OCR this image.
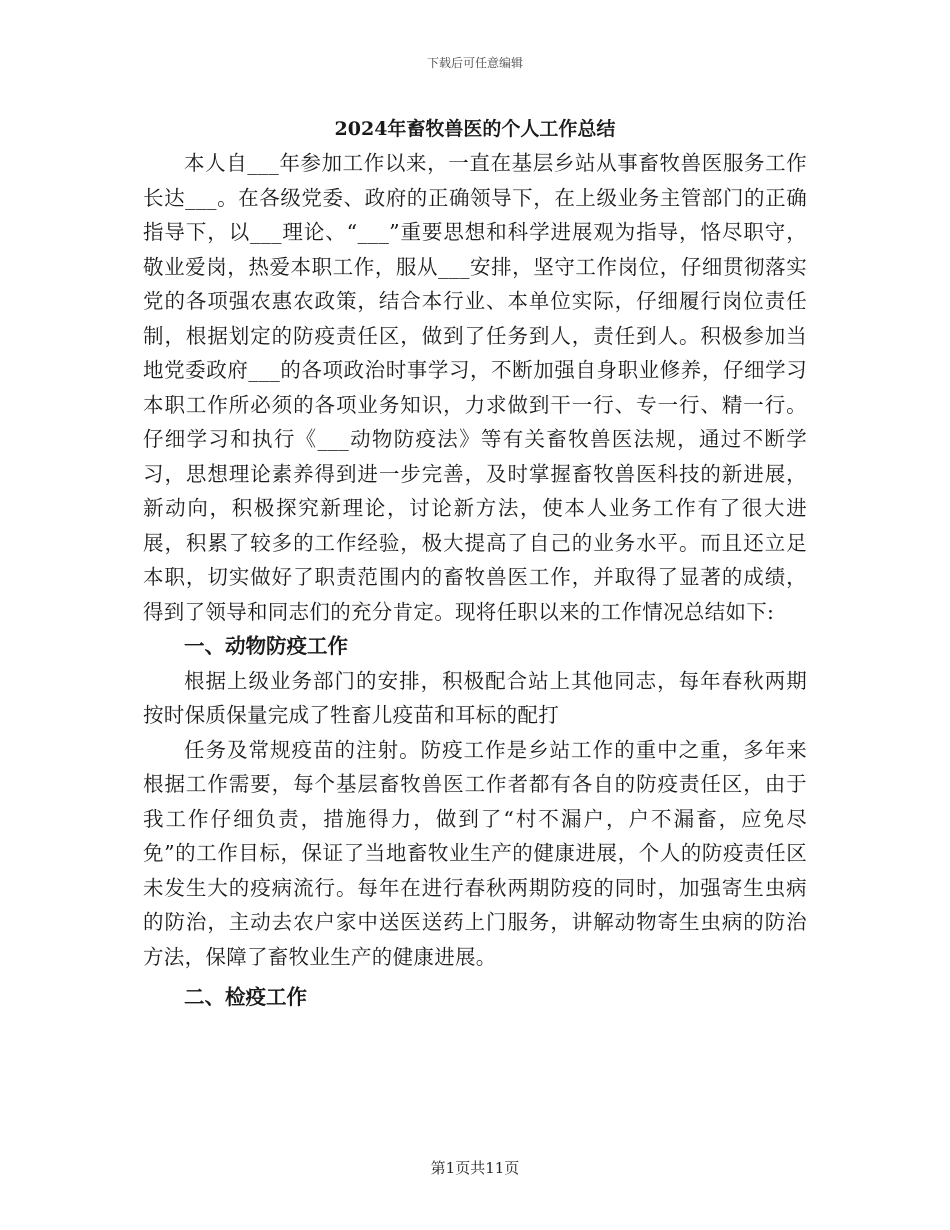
下载后可任意编辑
2024年畜牧兽医的个人工作总结

本人自___年参加工作以来，一直在基层乡站从事畜牧兽医服务工作长达___。在各级党委、政府的正确领导下，在上级业务主管部门的正确指导下，以___理论、“___”重要思想和科学进展观为指导，恪尽职守，敬业爱岗，热爱本职工作，服从___安排，坚守工作岗位，仔细贯彻落实党的各项强农惠农政策，结合本行业、本单位实际，仔细履行岗位责任制，根据划定的防疫责任区，做到了任务到人，责任到人。积极参加当地党委政府___的各项政治时事学习，不断加强自身职业修养，仔细学习本职工作所必须的各项业务知识，力求做到干一行、专一行、精一行。仔细学习和执行《___动物防疫法》等有关畜牧兽医法规，通过不断学习，思想理论素养得到进一步完善，及时掌握畜牧兽医科技的新进展，新动向，积极探究新理论，讨论新方法，使本人业务工作有了很大进展，积累了较多的工作经验，极大提高了自己的业务水平。而且还立足本职，切实做好了职责范围内的畜牧兽医工作，并取得了显著的成绩，得到了领导和同志们的充分肯定。现将任职以来的工作情况总结如下:

一、动物防疫工作

根据上级业务部门的安排，积极配合站上其他同志，每年春秋两期按时保质保量完成了牲畜儿疫苗和耳标的配打

任务及常规疫苗的注射。防疫工作是乡站工作的重中之重，多年来根据工作需要，每个基层畜牧兽医工作者都有各自的防疫责任区，由于我工作仔细负责，措施得力，做到了“村不漏户，户不漏畜，应免尽免”的工作目标，保证了当地畜牧业生产的健康进展，个人的防疫责任区未发生大的疫病流行。每年在进行春秋两期防疫的同时，加强寄生虫病的防治，主动去农户家中送医送药上门服务，讲解动物寄生虫病的防治方法，保障了畜牧业生产的健康进展。

二、检疫工作

第1页共11页
